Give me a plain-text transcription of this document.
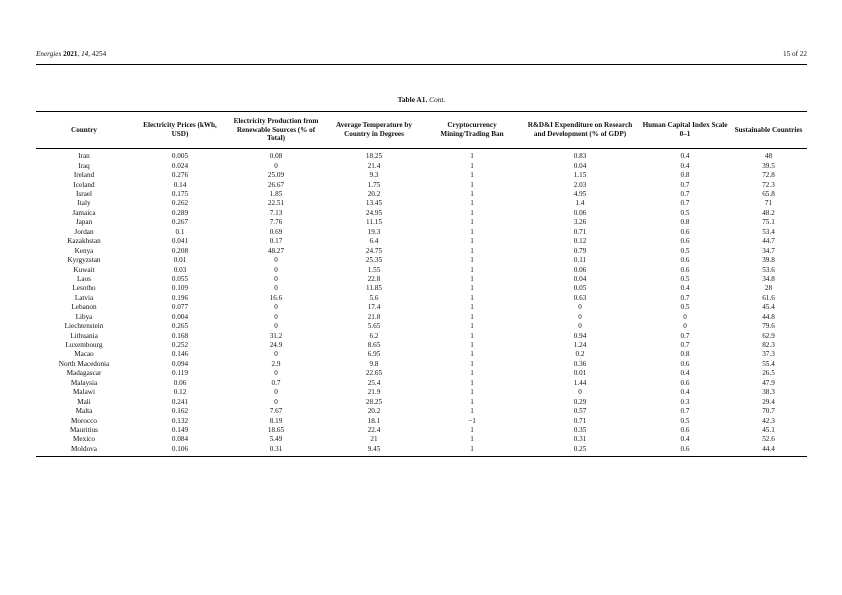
Energies 2021, 14, 4254	15 of 22
Table A1. Cont.
Country	Electricity Prices (kWh, USD)	Electricity Production from Renewable Sources (% of Total)	Average Temperature by Country in Degrees	Cryptocurrency Mining/Trading Ban	R&D&I Expenditure on Research and Development (% of GDP)	Human Capital Index Scale 0–1	Sustainable Countries
Iran	0.005	0.08	18.25	1	0.83	0.4	48
Iraq	0.024	0	21.4	1	0.04	0.4	39.5
Ireland	0.276	25.09	9.3	1	1.15	0.8	72.8
Iceland	0.14	26.67	1.75	1	2.03	0.7	72.3
Israel	0.175	1.85	20.2	1	4.95	0.7	65.8
Italy	0.262	22.51	13.45	1	1.4	0.7	71
Jamaica	0.289	7.13	24.95	1	0.06	0.5	48.2
Japan	0.267	7.76	11.15	1	3.26	0.8	75.1
Jordan	0.1	0.69	19.3	1	0.71	0.6	53.4
Kazakhstan	0.041	0.17	6.4	1	0.12	0.6	44.7
Kenya	0.208	48.27	24.75	1	0.79	0.5	34.7
Kyrgyzstan	0.01	0	25.35	1	0.11	0.6	39.8
Kuwait	0.03	0	1.55	1	0.06	0.6	53.6
Laos	0.055	0	22.8	1	0.04	0.5	34.8
Lesotho	0.109	0	11.85	1	0.05	0.4	28
Latvia	0.196	16.6	5.6	1	0.63	0.7	61.6
Lebanon	0.077	0	17.4	1	0	0.5	45.4
Libya	0.004	0	21.8	1	0	0	44.8
Liechtenstein	0.265	0	5.65	1	0	0	79.6
Lithuania	0.168	31.2	6.2	1	0.94	0.7	62.9
Luxembourg	0.252	24.9	8.65	1	1.24	0.7	82.3
Macao	0.146	0	6.95	1	0.2	0.8	37.3
North Macedonia	0.094	2.9	9.8	1	0.36	0.6	55.4
Madagascar	0.119	0	22.65	1	0.01	0.4	26.5
Malaysia	0.06	0.7	25.4	1	1.44	0.6	47.9
Malawi	0.12	0	21.9	1	0	0.4	38.3
Mali	0.241	0	28.25	1	0.29	0.3	29.4
Malta	0.162	7.67	20.2	1	0.57	0.7	70.7
Morocco	0.132	8.19	18.1	−1	0.71	0.5	42.3
Mauritius	0.149	18.65	22.4	1	0.35	0.6	45.1
Mexico	0.084	5.49	21	1	0.31	0.4	52.6
Moldova	0.106	0.31	9.45	1	0.25	0.6	44.4
